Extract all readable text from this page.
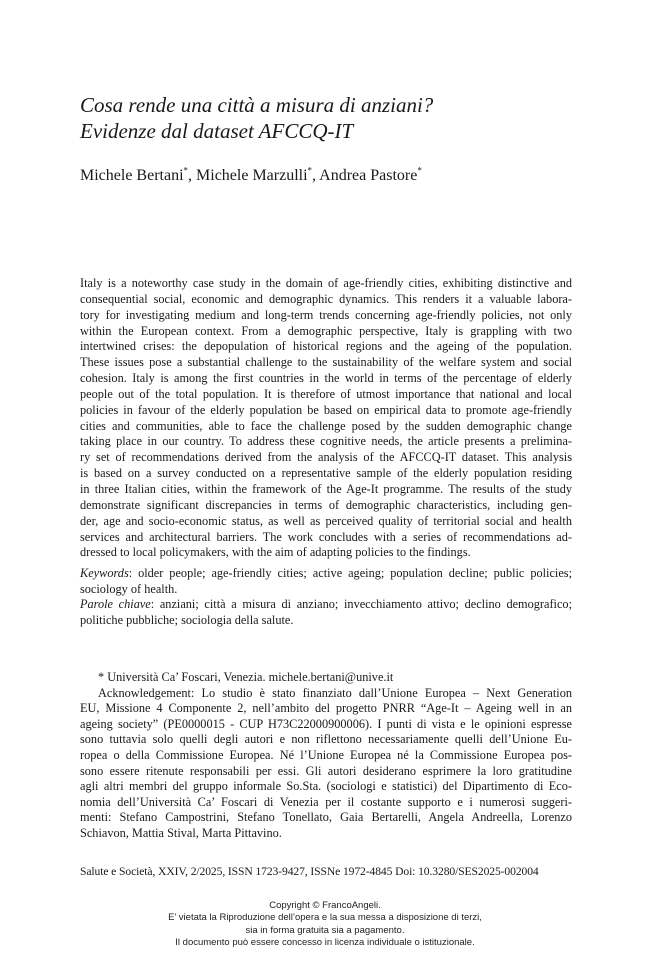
Cosa rende una città a misura di anziani?
Evidenze dal dataset AFCCQ-IT
Michele Bertani*, Michele Marzulli*, Andrea Pastore*
Italy is a noteworthy case study in the domain of age-friendly cities, exhibiting distinctive and
consequential social, economic and demographic dynamics. This renders it a valuable labora-
tory for investigating medium and long-term trends concerning age-friendly policies, not only
within the European context. From a demographic perspective, Italy is grappling with two
intertwined crises: the depopulation of historical regions and the ageing of the population.
These issues pose a substantial challenge to the sustainability of the welfare system and social
cohesion. Italy is among the first countries in the world in terms of the percentage of elderly
people out of the total population. It is therefore of utmost importance that national and local
policies in favour of the elderly population be based on empirical data to promote age-friendly
cities and communities, able to face the challenge posed by the sudden demographic change
taking place in our country. To address these cognitive needs, the article presents a prelimina-
ry set of recommendations derived from the analysis of the AFCCQ-IT dataset. This analysis
is based on a survey conducted on a representative sample of the elderly population residing
in three Italian cities, within the framework of the Age-It programme. The results of the study
demonstrate significant discrepancies in terms of demographic characteristics, including gen-
der, age and socio-economic status, as well as perceived quality of territorial social and health
services and architectural barriers. The work concludes with a series of recommendations ad-
dressed to local policymakers, with the aim of adapting policies to the findings.
Keywords: older people; age-friendly cities; active ageing; population decline; public policies;
sociology of health.
Parole chiave: anziani; città a misura di anziano; invecchiamento attivo; declino demografico;
politiche pubbliche; sociologia della salute.
* Università Ca’ Foscari, Venezia. michele.bertani@unive.it
Acknowledgement: Lo studio è stato finanziato dall’Unione Europea – Next Generation
EU, Missione 4 Componente 2, nell’ambito del progetto PNRR “Age-It – Ageing well in an
ageing society” (PE0000015 - CUP H73C22000900006). I punti di vista e le opinioni espresse
sono tuttavia solo quelli degli autori e non riflettono necessariamente quelli dell’Unione Eu-
ropea o della Commissione Europea. Né l’Unione Europea né la Commissione Europea pos-
sono essere ritenute responsabili per essi. Gli autori desiderano esprimere la loro gratitudine
agli altri membri del gruppo informale So.Sta. (sociologi e statistici) del Dipartimento di Eco-
nomia dell’Università Ca’ Foscari di Venezia per il costante supporto e i numerosi suggeri-
menti: Stefano Campostrini, Stefano Tonellato, Gaia Bertarelli, Angela Andreella, Lorenzo
Schiavon, Mattia Stival, Marta Pittavino.
Salute e Società, XXIV, 2/2025, ISSN 1723-9427, ISSNe 1972-4845 Doi: 10.3280/SES2025-002004
Copyright © FrancoAngeli.
E’ vietata la Riproduzione dell’opera e la sua messa a disposizione di terzi,
sia in forma gratuita sia a pagamento.
Il documento può essere concesso in licenza individuale o istituzionale.
